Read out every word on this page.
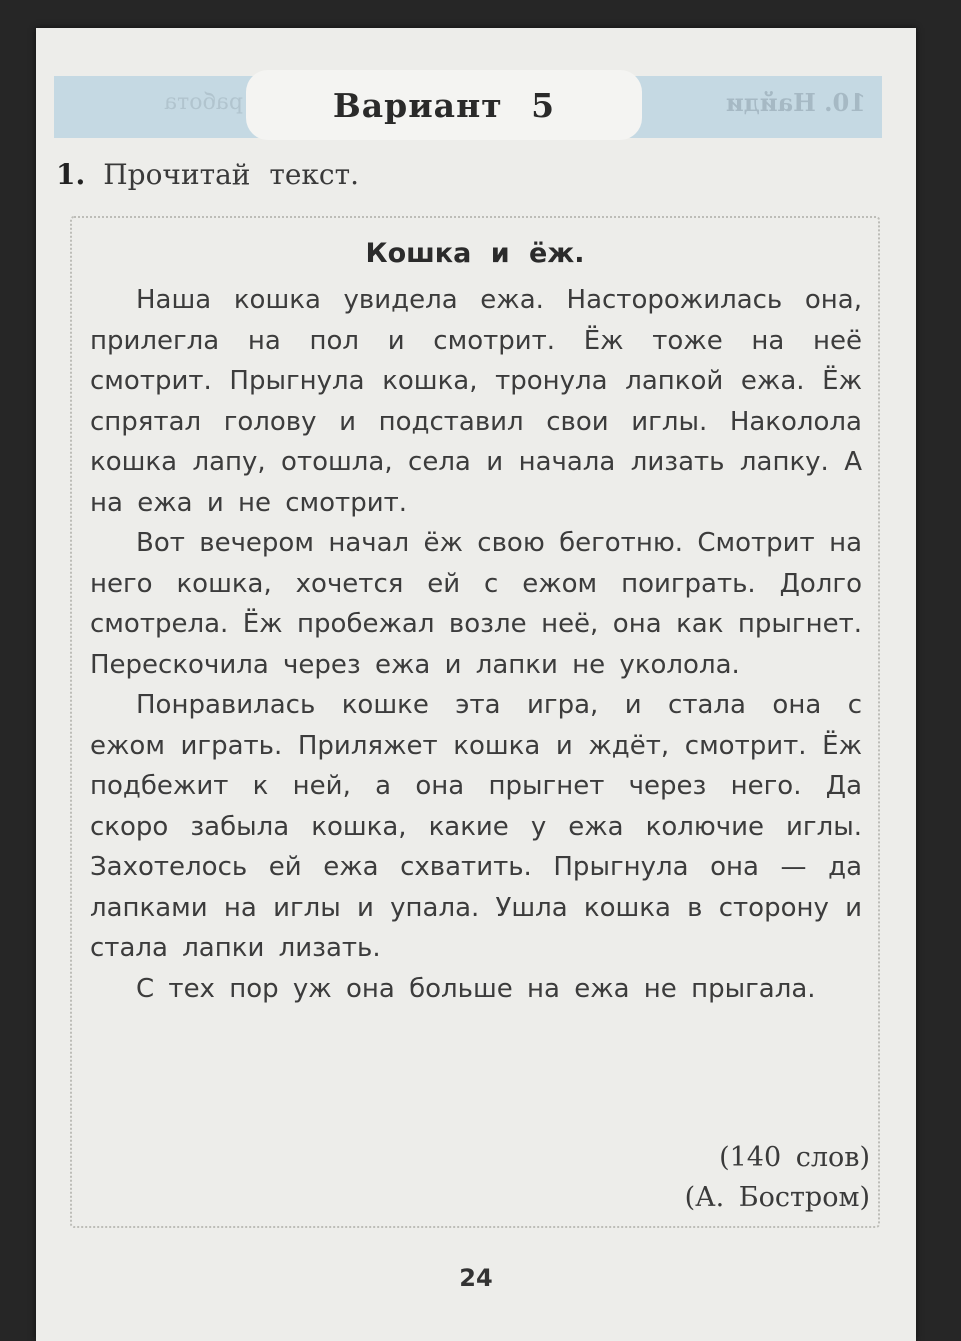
работа	10. Найди
Вариант 5
1. Прочитай текст.
Кошка и ёж.

Наша кошка увидела ежа. Насторожилась она, прилегла на пол и смотрит. Ёж тоже на неё смотрит. Прыгнула кошка, тронула лапкой ежа. Ёж спрятал голову и подставил свои иглы. Наколола кошка лапу, отошла, села и начала лизать лапку. А на ежа и не смотрит.

Вот вечером начал ёж свою беготню. Смотрит на него кошка, хочется ей с ежом поиграть. Долго смотрела. Ёж пробежал возле неё, она как прыгнет. Перескочила через ежа и лапки не уколола.

Понравилась кошке эта игра, и стала она с ежом играть. Приляжет кошка и ждёт, смотрит. Ёж подбежит к ней, а она прыгнет через него. Да скоро забыла кошка, какие у ежа колючие иглы. Захотелось ей ежа схватить. Прыгнула она — да лапками на иглы и упала. Ушла кошка в сторону и стала лапки лизать.

С тех пор уж она больше на ежа не прыгала.

(140 слов)
(А. Бостром)
24
